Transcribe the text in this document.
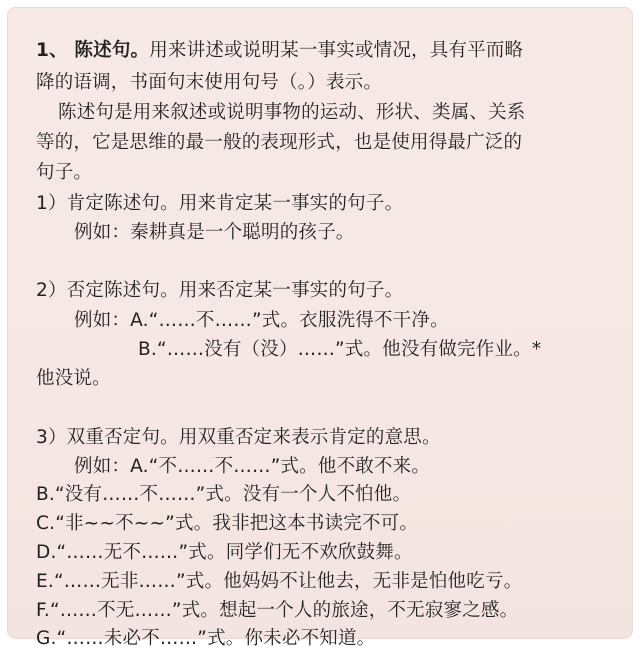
1、 陈述句。用来讲述或说明某一事实或情况，具有平而略
降的语调，书面句末使用句号（。）表示。
陈述句是用来叙述或说明事物的运动、形状、类属、关系
等的，它是思维的最一般的表现形式，也是使用得最广泛的
句子。
1）肯定陈述句。用来肯定某一事实的句子。
例如：秦耕真是一个聪明的孩子。
2）否定陈述句。用来否定某一事实的句子。
例如：A.“……不……”式。衣服洗得不干净。
B.“……没有（没）……”式。他没有做完作业。*
他没说。
3）双重否定句。用双重否定来表示肯定的意思。
例如：A.“不……不……”式。他不敢不来。
B.“没有……不……”式。没有一个人不怕他。
C.“非~~不~~”式。我非把这本书读完不可。
D.“……无不……”式。同学们无不欢欣鼓舞。
E.“……无非……”式。他妈妈不让他去，无非是怕他吃亏。
F.“……不无……”式。想起一个人的旅途，不无寂寥之感。
G.“……未必不……”式。你未必不知道。
